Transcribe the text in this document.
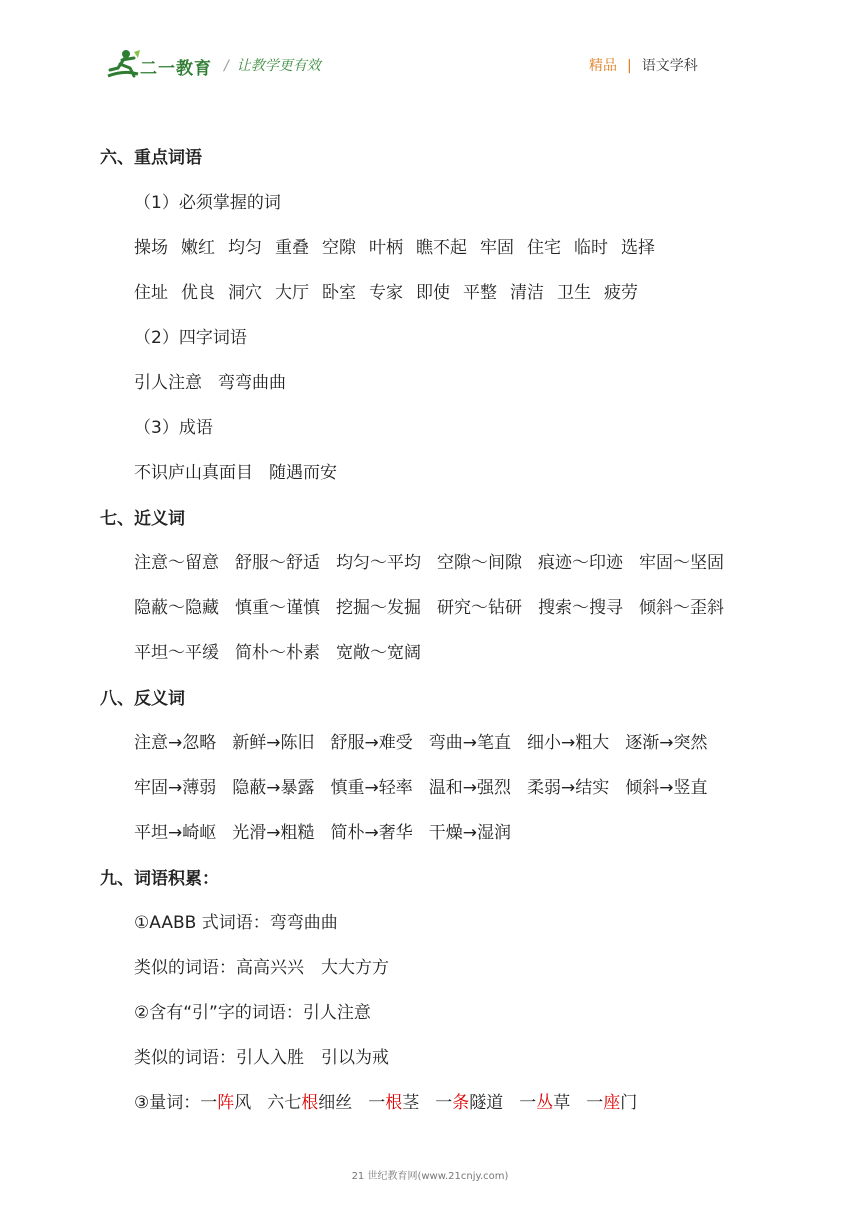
二一教育 / 让教学更有效	精品 | 语文学科
六、重点词语
（1）必须掌握的词
操场 嫩红 均匀 重叠 空隙 叶柄 瞧不起 牢固 住宅 临时 选择
住址 优良 洞穴 大厅 卧室 专家 即使 平整 清洁 卫生 疲劳
（2）四字词语
引人注意 弯弯曲曲
（3）成语
不识庐山真面目 随遇而安
七、近义词
注意～留意 舒服～舒适 均匀～平均 空隙～间隙 痕迹～印迹 牢固～坚固
隐蔽～隐藏 慎重～谨慎 挖掘～发掘 研究～钻研 搜索～搜寻 倾斜～歪斜
平坦～平缓 简朴～朴素 宽敞～宽阔
八、反义词
注意→忽略 新鲜→陈旧 舒服→难受 弯曲→笔直 细小→粗大 逐渐→突然
牢固→薄弱 隐蔽→暴露 慎重→轻率 温和→强烈 柔弱→结实 倾斜→竖直
平坦→崎岖 光滑→粗糙 简朴→奢华 干燥→湿润
九、词语积累：
①AABB 式词语：弯弯曲曲
类似的词语：高高兴兴　大大方方
②含有“引”字的词语：引人注意
类似的词语：引人入胜　引以为戒
③量词：一阵风 六七根细丝 一根茎 一条隧道 一丛草 一座门
21 世纪教育网(www.21cnjy.com)
